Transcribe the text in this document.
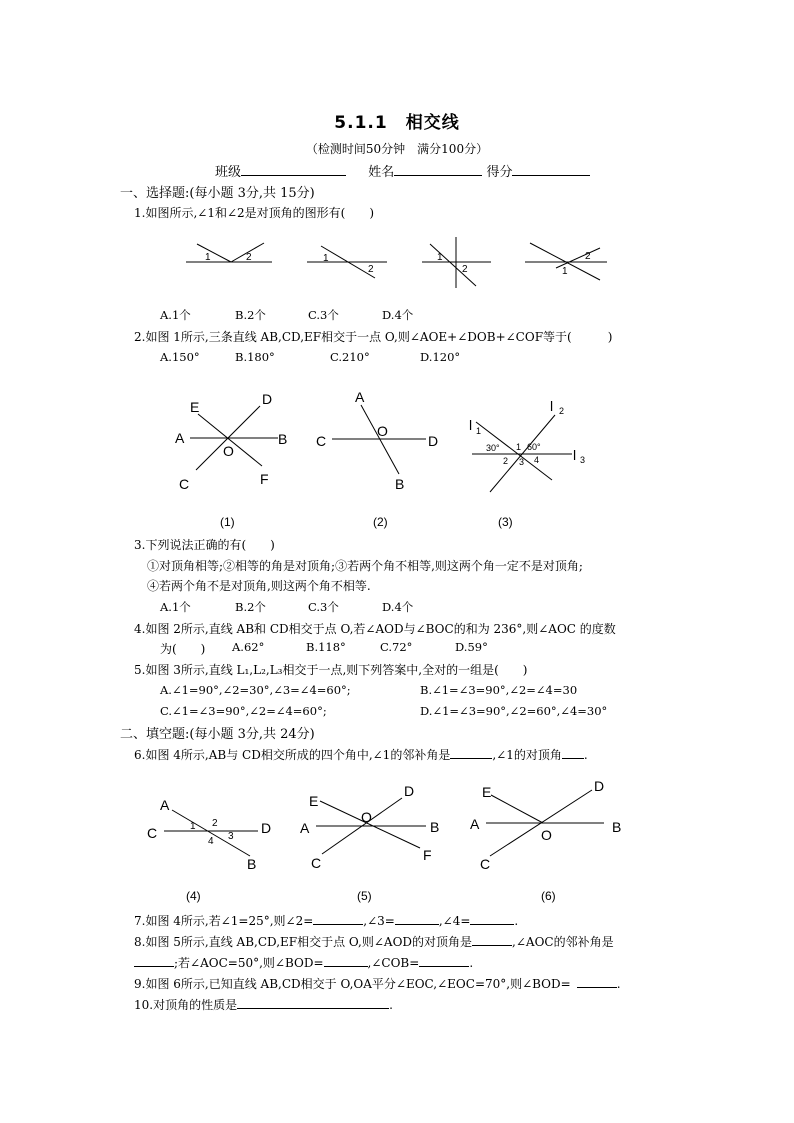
5.1.1　相交线
（检测时间50分钟　满分100分）
班级	姓名	得分
一、选择题:(每小题 3分,共 15分)
1.如图所示,∠1和∠2是对顶角的图形有(　　)
1	2	1
2
1
2
2
1
A.1个	B.2个	C.3个	D.4个
2.如图 1所示,三条直线 AB,CD,EF相交于一点 O,则∠AOE+∠DOB+∠COF等于(　　　)
A.150°	B.180°	C.210°	D.120°
E	D
A	B
O
C	F
(1)
A
O
C	D
B
(2)
l 1
l 2
l 3
30°	60°
1
2 3 4
(3)
3.下列说法正确的有(　　)
①对顶角相等;②相等的角是对顶角;③若两个角不相等,则这两个角一定不是对顶角;
④若两个角不是对顶角,则这两个角不相等.
A.1个	B.2个	C.3个	D.4个
4.如图 2所示,直线 AB和 CD相交于点 O,若∠AOD与∠BOC的和为 236°,则∠AOC 的度数
为(　　) A.62°	B.118°	C.72°	D.59°
5.如图 3所示,直线 L₁,L₂,L₃相交于一点,则下列答案中,全对的一组是(　　)
A.∠1=90°,∠2=30°,∠3=∠4=60°;	B.∠1=∠3=90°,∠2=∠4=30
C.∠1=∠3=90°,∠2=∠4=60°;	D.∠1=∠3=90°,∠2=60°,∠4=30°
二、填空题:(每小题 3分,共 24分)
6.如图 4所示,AB与 CD相交所成的四个角中,∠1的邻补角是	,∠1的对顶角 .
A
C	D
B
1 2
3
4
(4)
E
D
A
O
B
C	F
(5)
E	D
A	B
O
C
(6)
7.如图 4所示,若∠1=25°,则∠2=	,∠3=	,∠4=	.
8.如图 5所示,直线 AB,CD,EF相交于点 O,则∠AOD的对顶角是	,∠AOC的邻补角是
;若∠AOC=50°,则∠BOD=	,∠COB=	.
9.如图 6所示,已知直线 AB,CD相交于 O,OA平分∠EOC,∠EOC=70°,则∠BOD=	.
10.对顶角的性质是	.
